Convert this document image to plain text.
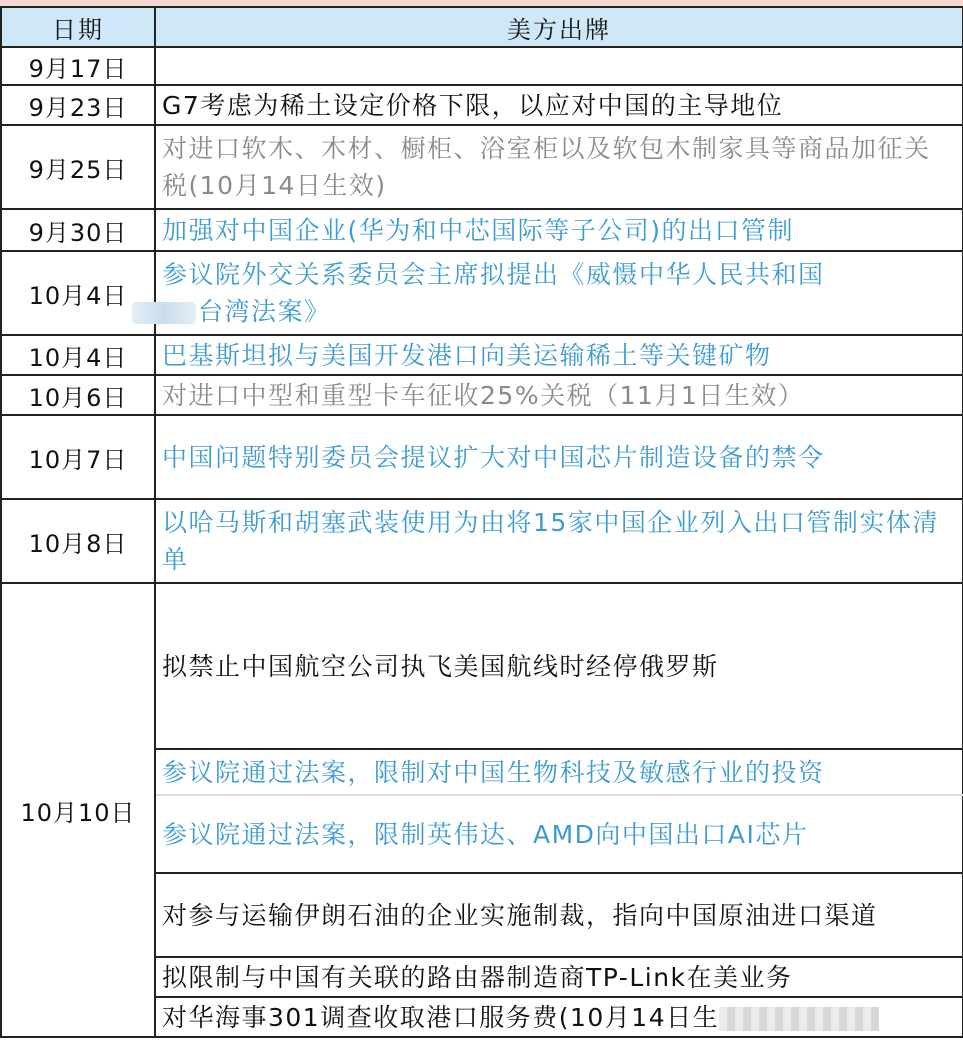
日期	美方出牌
9月17日	
9月23日	G7考虑为稀土设定价格下限，以应对中国的主导地位
9月25日	对进口软木、木材、橱柜、浴室柜以及软包木制家具等商品加征关税(10月14日生效)
9月30日	加强对中国企业(华为和中芯国际等子公司)的出口管制
10月4日	参议院外交关系委员会主席拟提出《威慑中华人民共和国
台湾法案》
10月4日	巴基斯坦拟与美国开发港口向美运输稀土等关键矿物
10月6日	对进口中型和重型卡车征收25%关税（11月1日生效）
10月7日	中国问题特别委员会提议扩大对中国芯片制造设备的禁令
10月8日	以哈马斯和胡塞武装使用为由将15家中国企业列入出口管制实体清单
10月10日	拟禁止中国航空公司执飞美国航线时经停俄罗斯
	参议院通过法案，限制对中国生物科技及敏感行业的投资
	参议院通过法案，限制英伟达、AMD向中国出口AI芯片
	对参与运输伊朗石油的企业实施制裁，指向中国原油进口渠道
	拟限制与中国有关联的路由器制造商TP-Link在美业务
	对华海事301调查收取港口服务费(10月14日生
